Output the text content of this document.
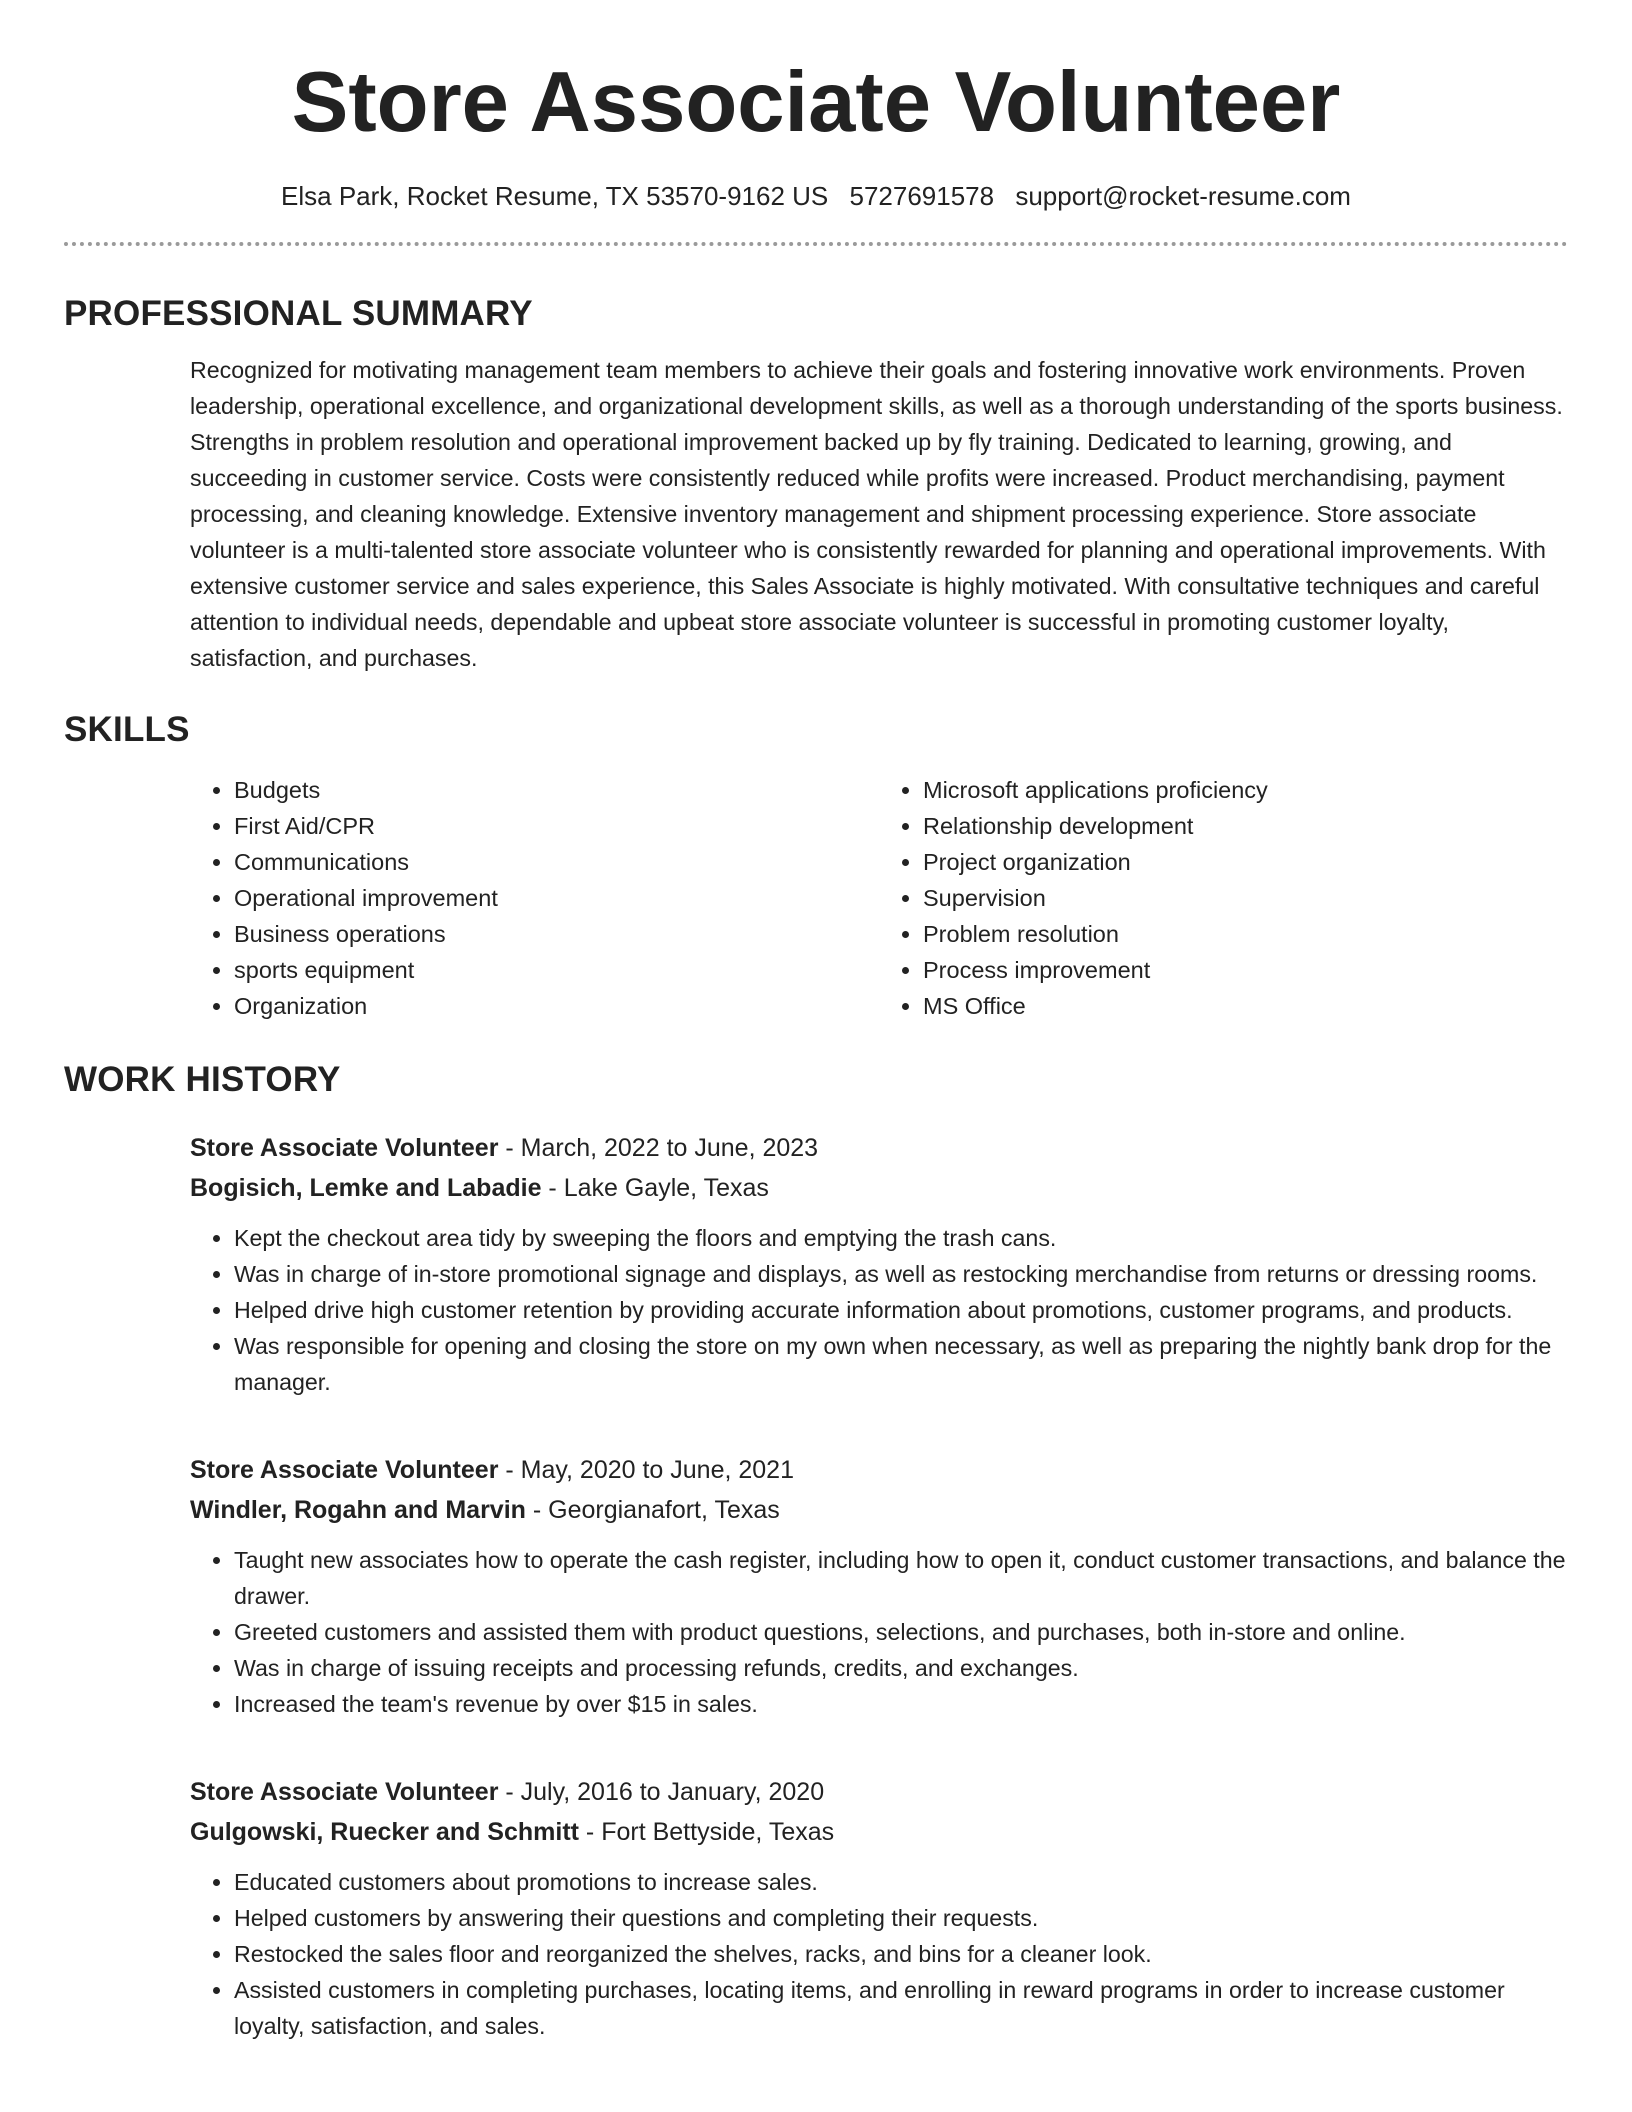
Store Associate Volunteer
Elsa Park, Rocket Resume, TX 53570-9162 US 5727691578 support@rocket-resume.com
PROFESSIONAL SUMMARY

Recognized for motivating management team members to achieve their goals and fostering innovative work environments. Proven leadership, operational excellence, and organizational development skills, as well as a thorough understanding of the sports business. Strengths in problem resolution and operational improvement backed up by fly training. Dedicated to learning, growing, and succeeding in customer service. Costs were consistently reduced while profits were increased. Product merchandising, payment processing, and cleaning knowledge. Extensive inventory management and shipment processing experience. Store associate volunteer is a multi-talented store associate volunteer who is consistently rewarded for planning and operational improvements. With extensive customer service and sales experience, this Sales Associate is highly motivated. With consultative techniques and careful attention to individual needs, dependable and upbeat store associate volunteer is successful in promoting customer loyalty, satisfaction, and purchases.

SKILLS
• Budgets
• First Aid/CPR
• Communications
• Operational improvement
• Business operations
• sports equipment
• Organization
• Microsoft applications proficiency
• Relationship development
• Project organization
• Supervision
• Problem resolution
• Process improvement
• MS Office
WORK HISTORY
Store Associate Volunteer - March, 2022 to June, 2023
Bogisich, Lemke and Labadie - Lake Gayle, Texas
• Kept the checkout area tidy by sweeping the floors and emptying the trash cans.
• Was in charge of in-store promotional signage and displays, as well as restocking merchandise from returns or dressing rooms.
• Helped drive high customer retention by providing accurate information about promotions, customer programs, and products.
• Was responsible for opening and closing the store on my own when necessary, as well as preparing the nightly bank drop for the manager.
Store Associate Volunteer - May, 2020 to June, 2021
Windler, Rogahn and Marvin - Georgianafort, Texas
• Taught new associates how to operate the cash register, including how to open it, conduct customer transactions, and balance the drawer.
• Greeted customers and assisted them with product questions, selections, and purchases, both in-store and online.
• Was in charge of issuing receipts and processing refunds, credits, and exchanges.
• Increased the team's revenue by over $15 in sales.
Store Associate Volunteer - July, 2016 to January, 2020
Gulgowski, Ruecker and Schmitt - Fort Bettyside, Texas
• Educated customers about promotions to increase sales.
• Helped customers by answering their questions and completing their requests.
• Restocked the sales floor and reorganized the shelves, racks, and bins for a cleaner look.
• Assisted customers in completing purchases, locating items, and enrolling in reward programs in order to increase customer loyalty, satisfaction, and sales.
